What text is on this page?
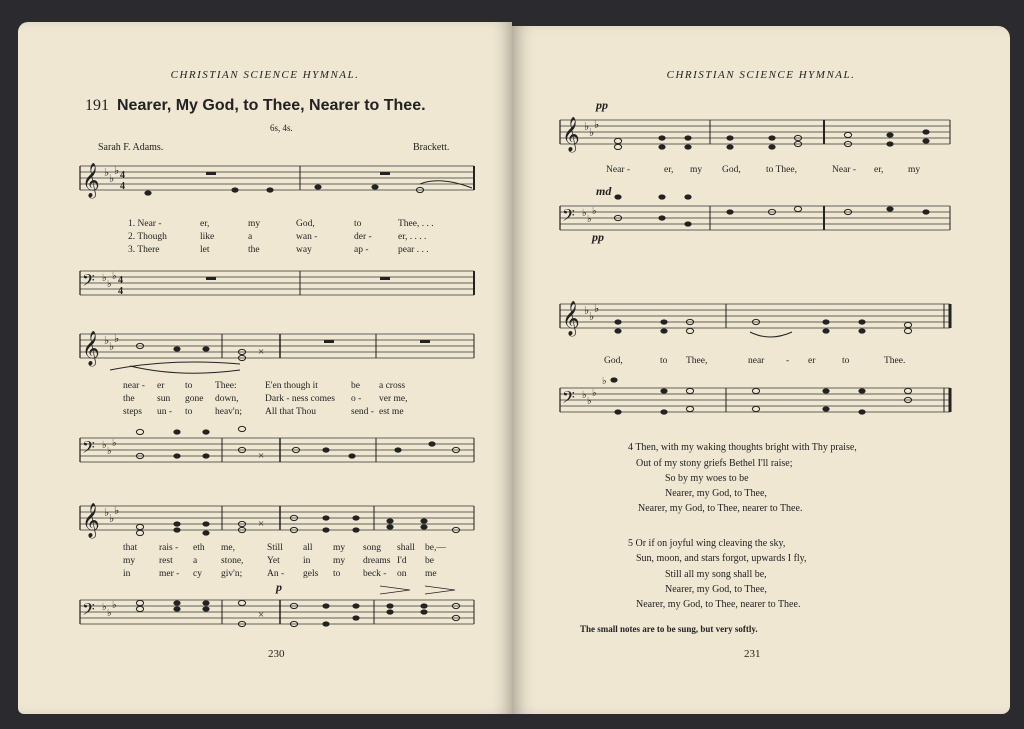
CHRISTIAN SCIENCE HYMNAL.
191 Nearer, My God, to Thee, Nearer to Thee.
6s, 4s.
Sarah F. Adams.	Brackett.
𝄞 ♭ ♭
♭ 4
4
1. Near -	er,	my	God,	to	Thee, . . .
2. Though	like	a	wan -	der -	er, . . . .
3. There	let	the	way	ap -	pear . . .
𝄢 ♭
♭
♭ 4
4
𝄞 ♭ ♭
♭
×
near -	er	to	Thee:	E'en though it	be	a cross
the	sun	gone	down,	Dark - ness comes	o -	ver me,
steps	un -	to	heav'n;	All that Thou	send - est me
𝄢 ♭
♭
♭
×
𝄞 ♭ ♭
♭
×
that	rais -	eth	me,	Still	all	my	song	shall	be,—
my	rest	a	stone,	Yet	in	my	dreams I'd	be
in	mer -	cy	giv'n;	An -	gels	to	beck -	on	me
p
𝄢 ♭
♭
♭
×
230
CHRISTIAN SCIENCE HYMNAL.
pp
𝄞 ♭ ♭
♭
Near -	er,	my	God,	to Thee,	Near -	er,	my
md
𝄢 ♭
♭
♭
pp
𝄞 ♭ ♭
♭
God,	to	Thee,	near	-	er	to	Thee.
𝄢 ♭
♭
♭
♭
4 Then, with my waking thoughts bright with Thy praise,
Out of my stony griefs Bethel I'll raise;
So by my woes to be
Nearer, my God, to Thee,
Nearer, my God, to Thee, nearer to Thee.
5 Or if on joyful wing cleaving the sky,
Sun, moon, and stars forgot, upwards I fly,
Still all my song shall be,
Nearer, my God, to Thee,
Nearer, my God, to Thee, nearer to Thee.
The small notes are to be sung, but very softly.
231
